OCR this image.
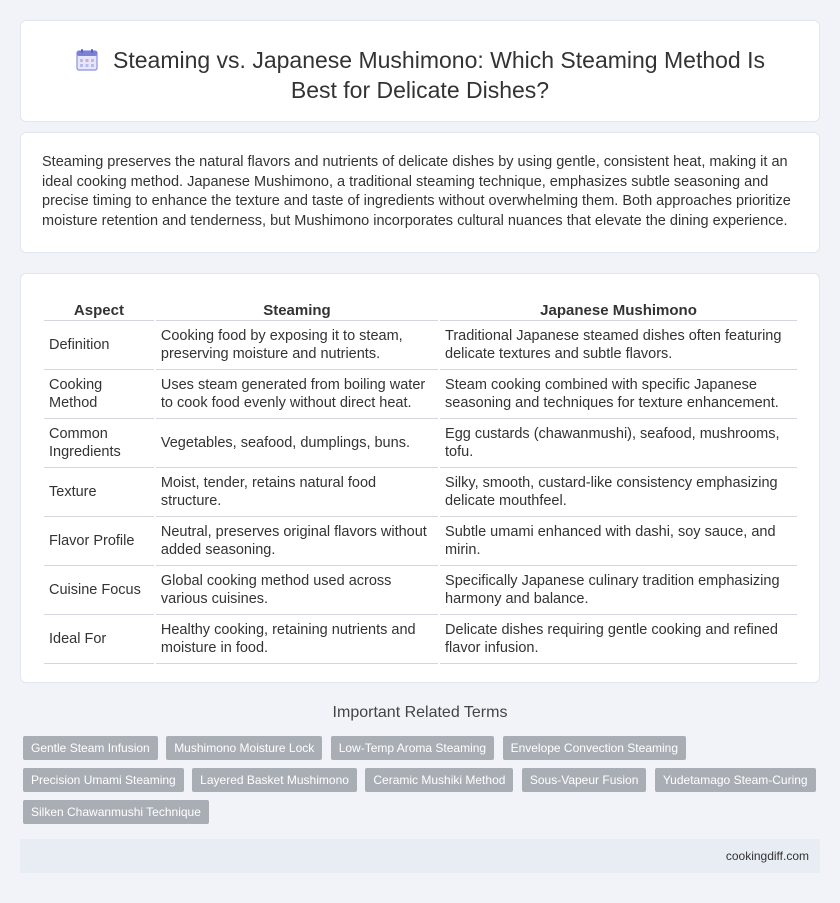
Steaming vs. Japanese Mushimono: Which Steaming Method Is Best for Delicate Dishes?

Steaming preserves the natural flavors and nutrients of delicate dishes by using gentle, consistent heat, making it an ideal cooking method. Japanese Mushimono, a traditional steaming technique, emphasizes subtle seasoning and precise timing to enhance the texture and taste of ingredients without overwhelming them. Both approaches prioritize moisture retention and tenderness, but Mushimono incorporates cultural nuances that elevate the dining experience.

Aspect	Steaming	Japanese Mushimono
Definition	Cooking food by exposing it to steam, preserving moisture and nutrients.	Traditional Japanese steamed dishes often featuring delicate textures and subtle flavors.
Cooking Method	Uses steam generated from boiling water to cook food evenly without direct heat.	Steam cooking combined with specific Japanese seasoning and techniques for texture enhancement.
Common Ingredients	Vegetables, seafood, dumplings, buns.	Egg custards (chawanmushi), seafood, mushrooms, tofu.
Texture	Moist, tender, retains natural food structure.	Silky, smooth, custard-like consistency emphasizing delicate mouthfeel.
Flavor Profile	Neutral, preserves original flavors without added seasoning.	Subtle umami enhanced with dashi, soy sauce, and mirin.
Cuisine Focus	Global cooking method used across various cuisines.	Specifically Japanese culinary tradition emphasizing harmony and balance.
Ideal For	Healthy cooking, retaining nutrients and moisture in food.	Delicate dishes requiring gentle cooking and refined flavor infusion.
Important Related Terms
Gentle Steam Infusion Mushimono Moisture Lock Low-Temp Aroma Steaming Envelope Convection Steaming Precision Umami Steaming Layered Basket Mushimono Ceramic Mushiki Method Sous-Vapeur Fusion Yudetamago Steam-Curing Silken Chawanmushi Technique
cookingdiff.com
